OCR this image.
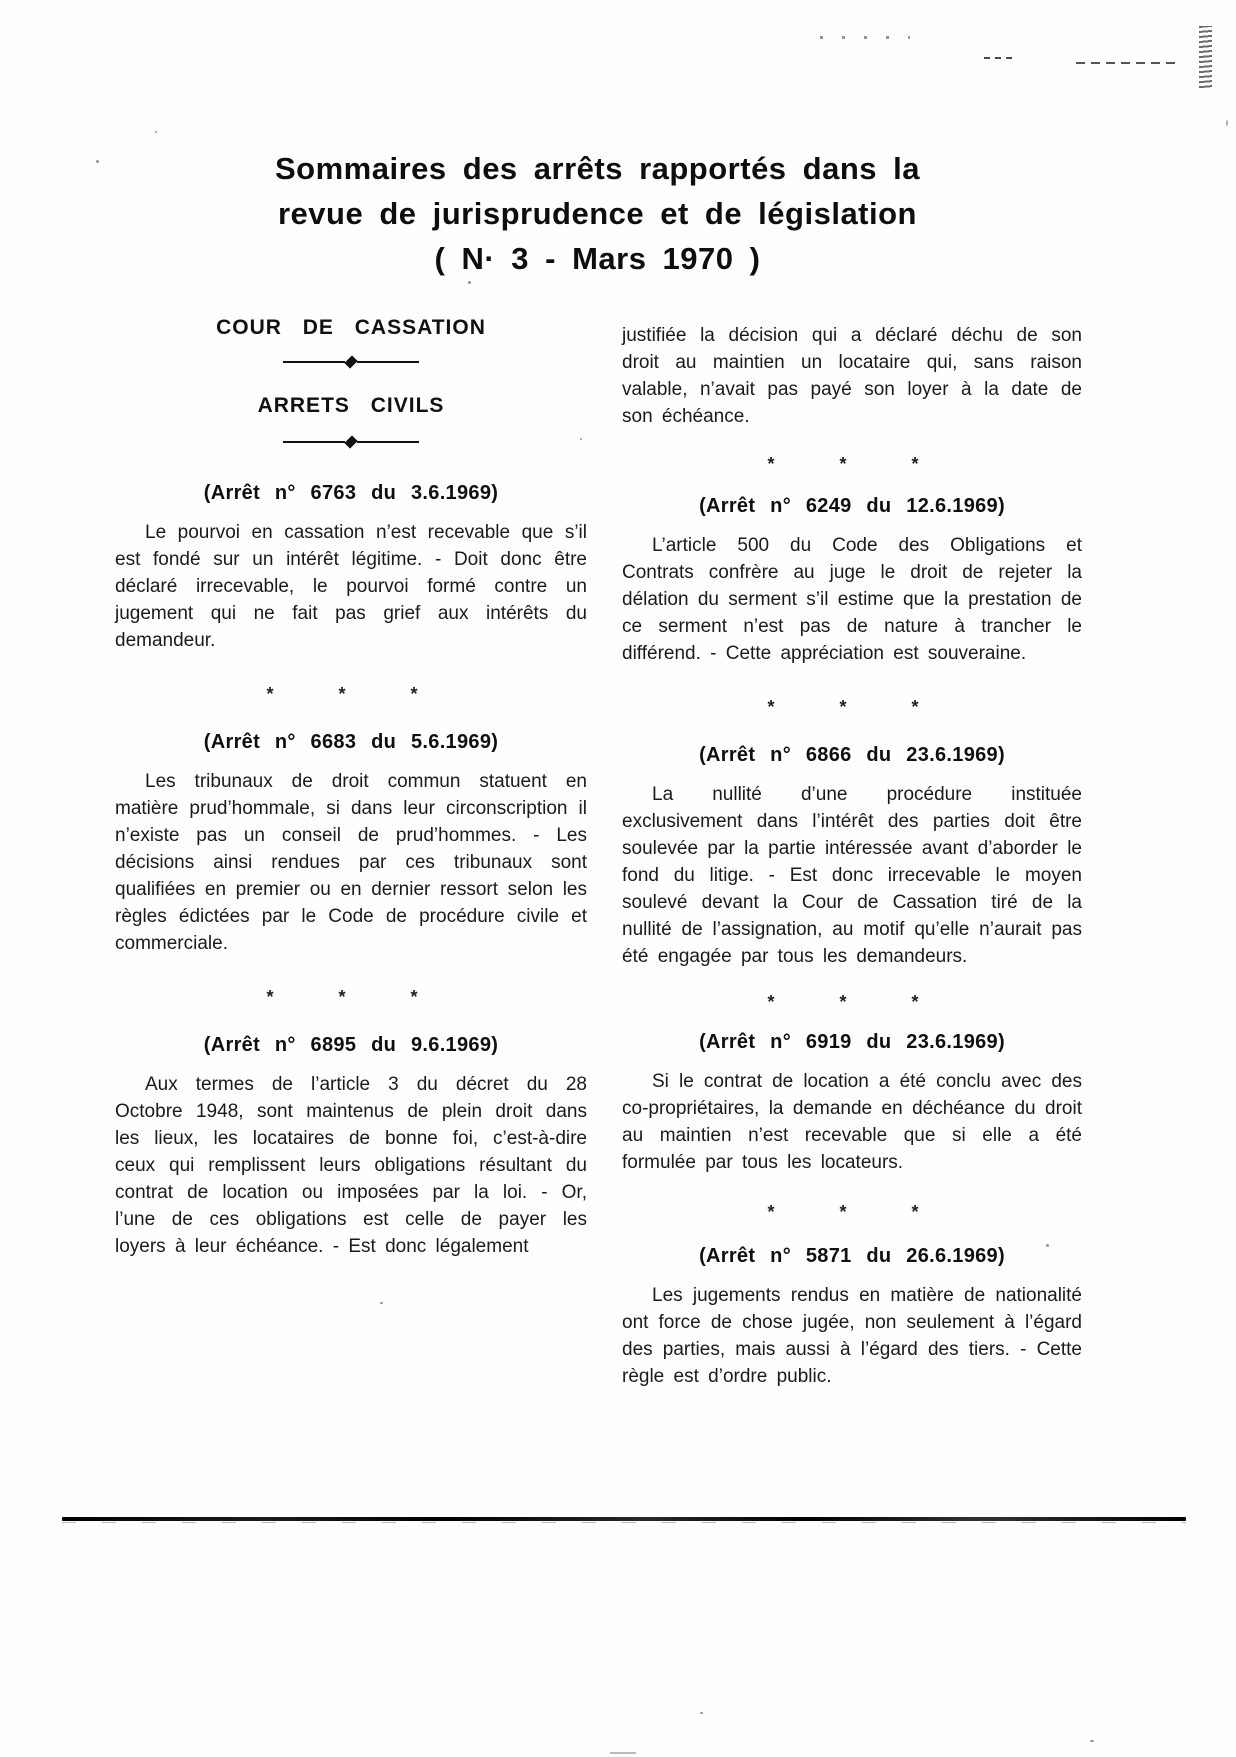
Sommaires des arrêts rapportés dans la
revue de jurisprudence et de législation
( N· 3 - Mars 1970 )
COUR DE CASSATION
ARRETS CIVILS
(Arrêt n° 6763 du 3.6.1969)

Le pourvoi en cassation n’est recevable que s’il est fondé sur un intérêt légitime. - Doit donc être déclaré irrecevable, le pourvoi formé contre un jugement qui ne fait pas grief aux intérêts du demandeur.

* * *
(Arrêt n° 6683 du 5.6.1969)

Les tribunaux de droit commun statuent en matière prud’hommale, si dans leur circonscription il n’existe pas un conseil de prud’hommes. - Les décisions ainsi rendues par ces tribunaux sont qualifiées en premier ou en dernier ressort selon les règles édictées par le Code de procédure civile et commerciale.

* * *
(Arrêt n° 6895 du 9.6.1969)

Aux termes de l’article 3 du décret du 28 Octobre 1948, sont maintenus de plein droit dans les lieux, les locataires de bonne foi, c’est-à-dire ceux qui remplissent leurs obligations résultant du contrat de location ou imposées par la loi. - Or, l’une de ces obligations est celle de payer les loyers à leur échéance. - Est donc légalement

justifiée la décision qui a déclaré déchu de son droit au maintien un locataire qui, sans raison valable, n’avait pas payé son loyer à la date de son échéance.

* * *
(Arrêt n° 6249 du 12.6.1969)

L’article 500 du Code des Obligations et Contrats confrère au juge le droit de rejeter la délation du serment s’il estime que la prestation de ce serment n’est pas de nature à trancher le différend. - Cette appréciation est souveraine.

* * *
(Arrêt n° 6866 du 23.6.1969)

La nullité d’une procédure instituée exclusivement dans l’intérêt des parties doit être soulevée par la partie intéressée avant d’aborder le fond du litige. - Est donc irrecevable le moyen soulevé devant la Cour de Cassation tiré de la nullité de l’assignation, au motif qu’elle n’aurait pas été engagée par tous les demandeurs.

* * *
(Arrêt n° 6919 du 23.6.1969)

Si le contrat de location a été conclu avec des co-propriétaires, la demande en déchéance du droit au maintien n’est recevable que si elle a été formulée par tous les locateurs.

* * *
(Arrêt n° 5871 du 26.6.1969)

Les jugements rendus en matière de nationalité ont force de chose jugée, non seulement à l’égard des parties, mais aussi à l’égard des tiers. - Cette règle est d’ordre public.
